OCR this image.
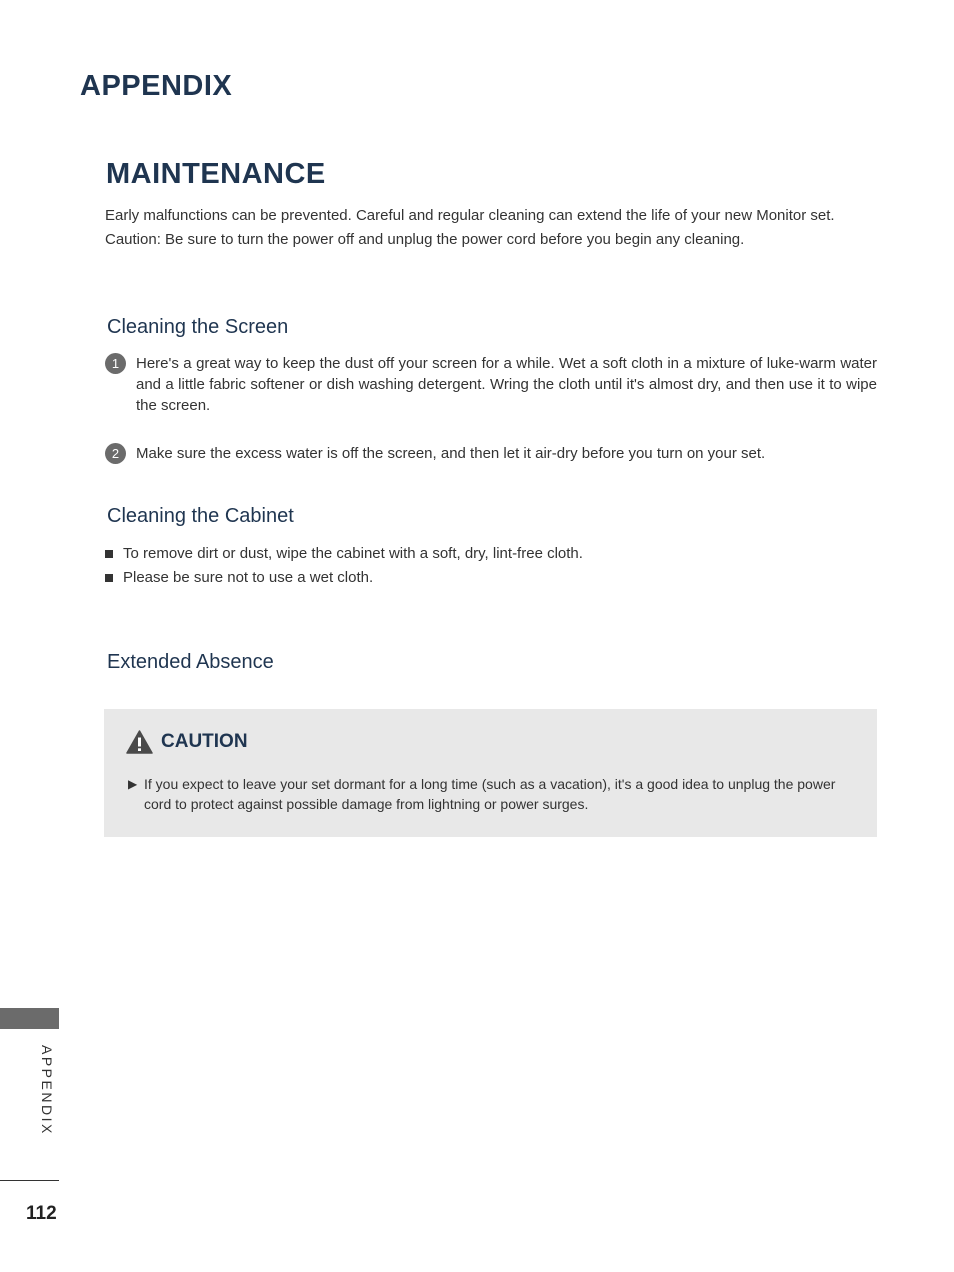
APPENDIX
MAINTENANCE

Early malfunctions can be prevented. Careful and regular cleaning can extend the life of your new Monitor set.

Caution: Be sure to turn the power off and unplug the power cord before you begin any cleaning.

Cleaning the Screen
1	Here's a great way to keep the dust off your screen for a while. Wet a soft cloth in a mixture of luke-warm water and a little fabric softener or dish washing detergent. Wring the cloth until it's almost dry, and then use it to wipe the screen.
2	Make sure the excess water is off the screen, and then let it air-dry before you turn on your set.
Cleaning the Cabinet
To remove dirt or dust, wipe the cabinet with a soft, dry, lint-free cloth.
Please be sure not to use a wet cloth.
Extended Absence
CAUTION
▶ If you expect to leave your set dormant for a long time (such as a vacation), it's a good idea to unplug the power cord to protect against possible damage from lightning or power surges.
APPENDIX
112
